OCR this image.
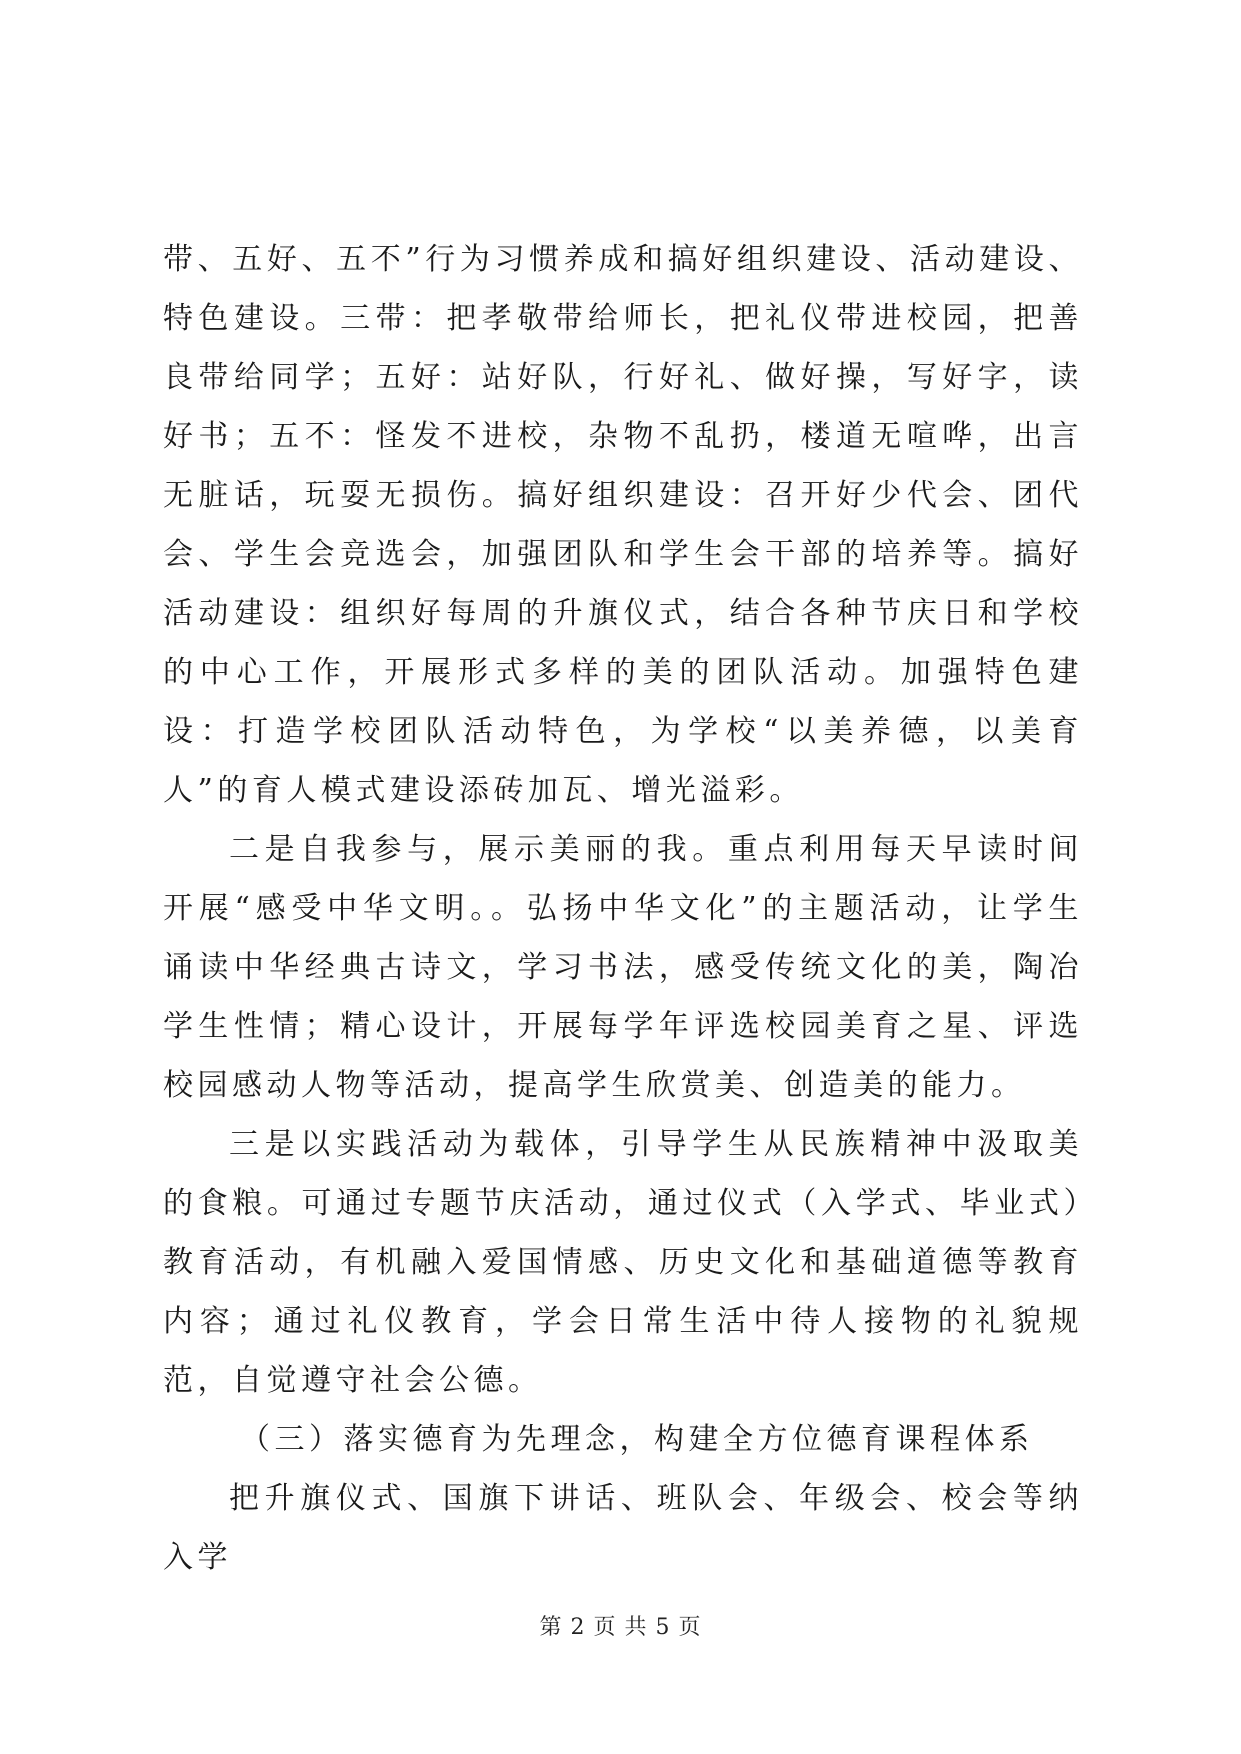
带、五好、五不”行为习惯养成和搞好组织建设、活动建设、特色建设。三带：把孝敬带给师长，把礼仪带进校园，把善良带给同学；五好：站好队，行好礼、做好操，写好字，读好书；五不：怪发不进校，杂物不乱扔，楼道无喧哗，出言无脏话，玩耍无损伤。搞好组织建设：召开好少代会、团代会、学生会竞选会，加强团队和学生会干部的培养等。搞好活动建设：组织好每周的升旗仪式，结合各种节庆日和学校的中心工作，开展形式多样的美的团队活动。加强特色建设：打造学校团队活动特色，为学校“以美养德，以美育人”的育人模式建设添砖加瓦、增光溢彩。

二是自我参与，展示美丽的我。重点利用每天早读时间开展“感受中华文明。。弘扬中华文化”的主题活动，让学生诵读中华经典古诗文，学习书法，感受传统文化的美，陶冶学生性情；精心设计，开展每学年评选校园美育之星、评选校园感动人物等活动，提高学生欣赏美、创造美的能力。

三是以实践活动为载体，引导学生从民族精神中汲取美的食粮。可通过专题节庆活动，通过仪式（入学式、毕业式）教育活动，有机融入爱国情感、历史文化和基础道德等教育内容；通过礼仪教育，学会日常生活中待人接物的礼貌规范，自觉遵守社会公德。

（三）落实德育为先理念，构建全方位德育课程体系

把升旗仪式、国旗下讲话、班队会、年级会、校会等纳入学

第 2 页 共 5 页
